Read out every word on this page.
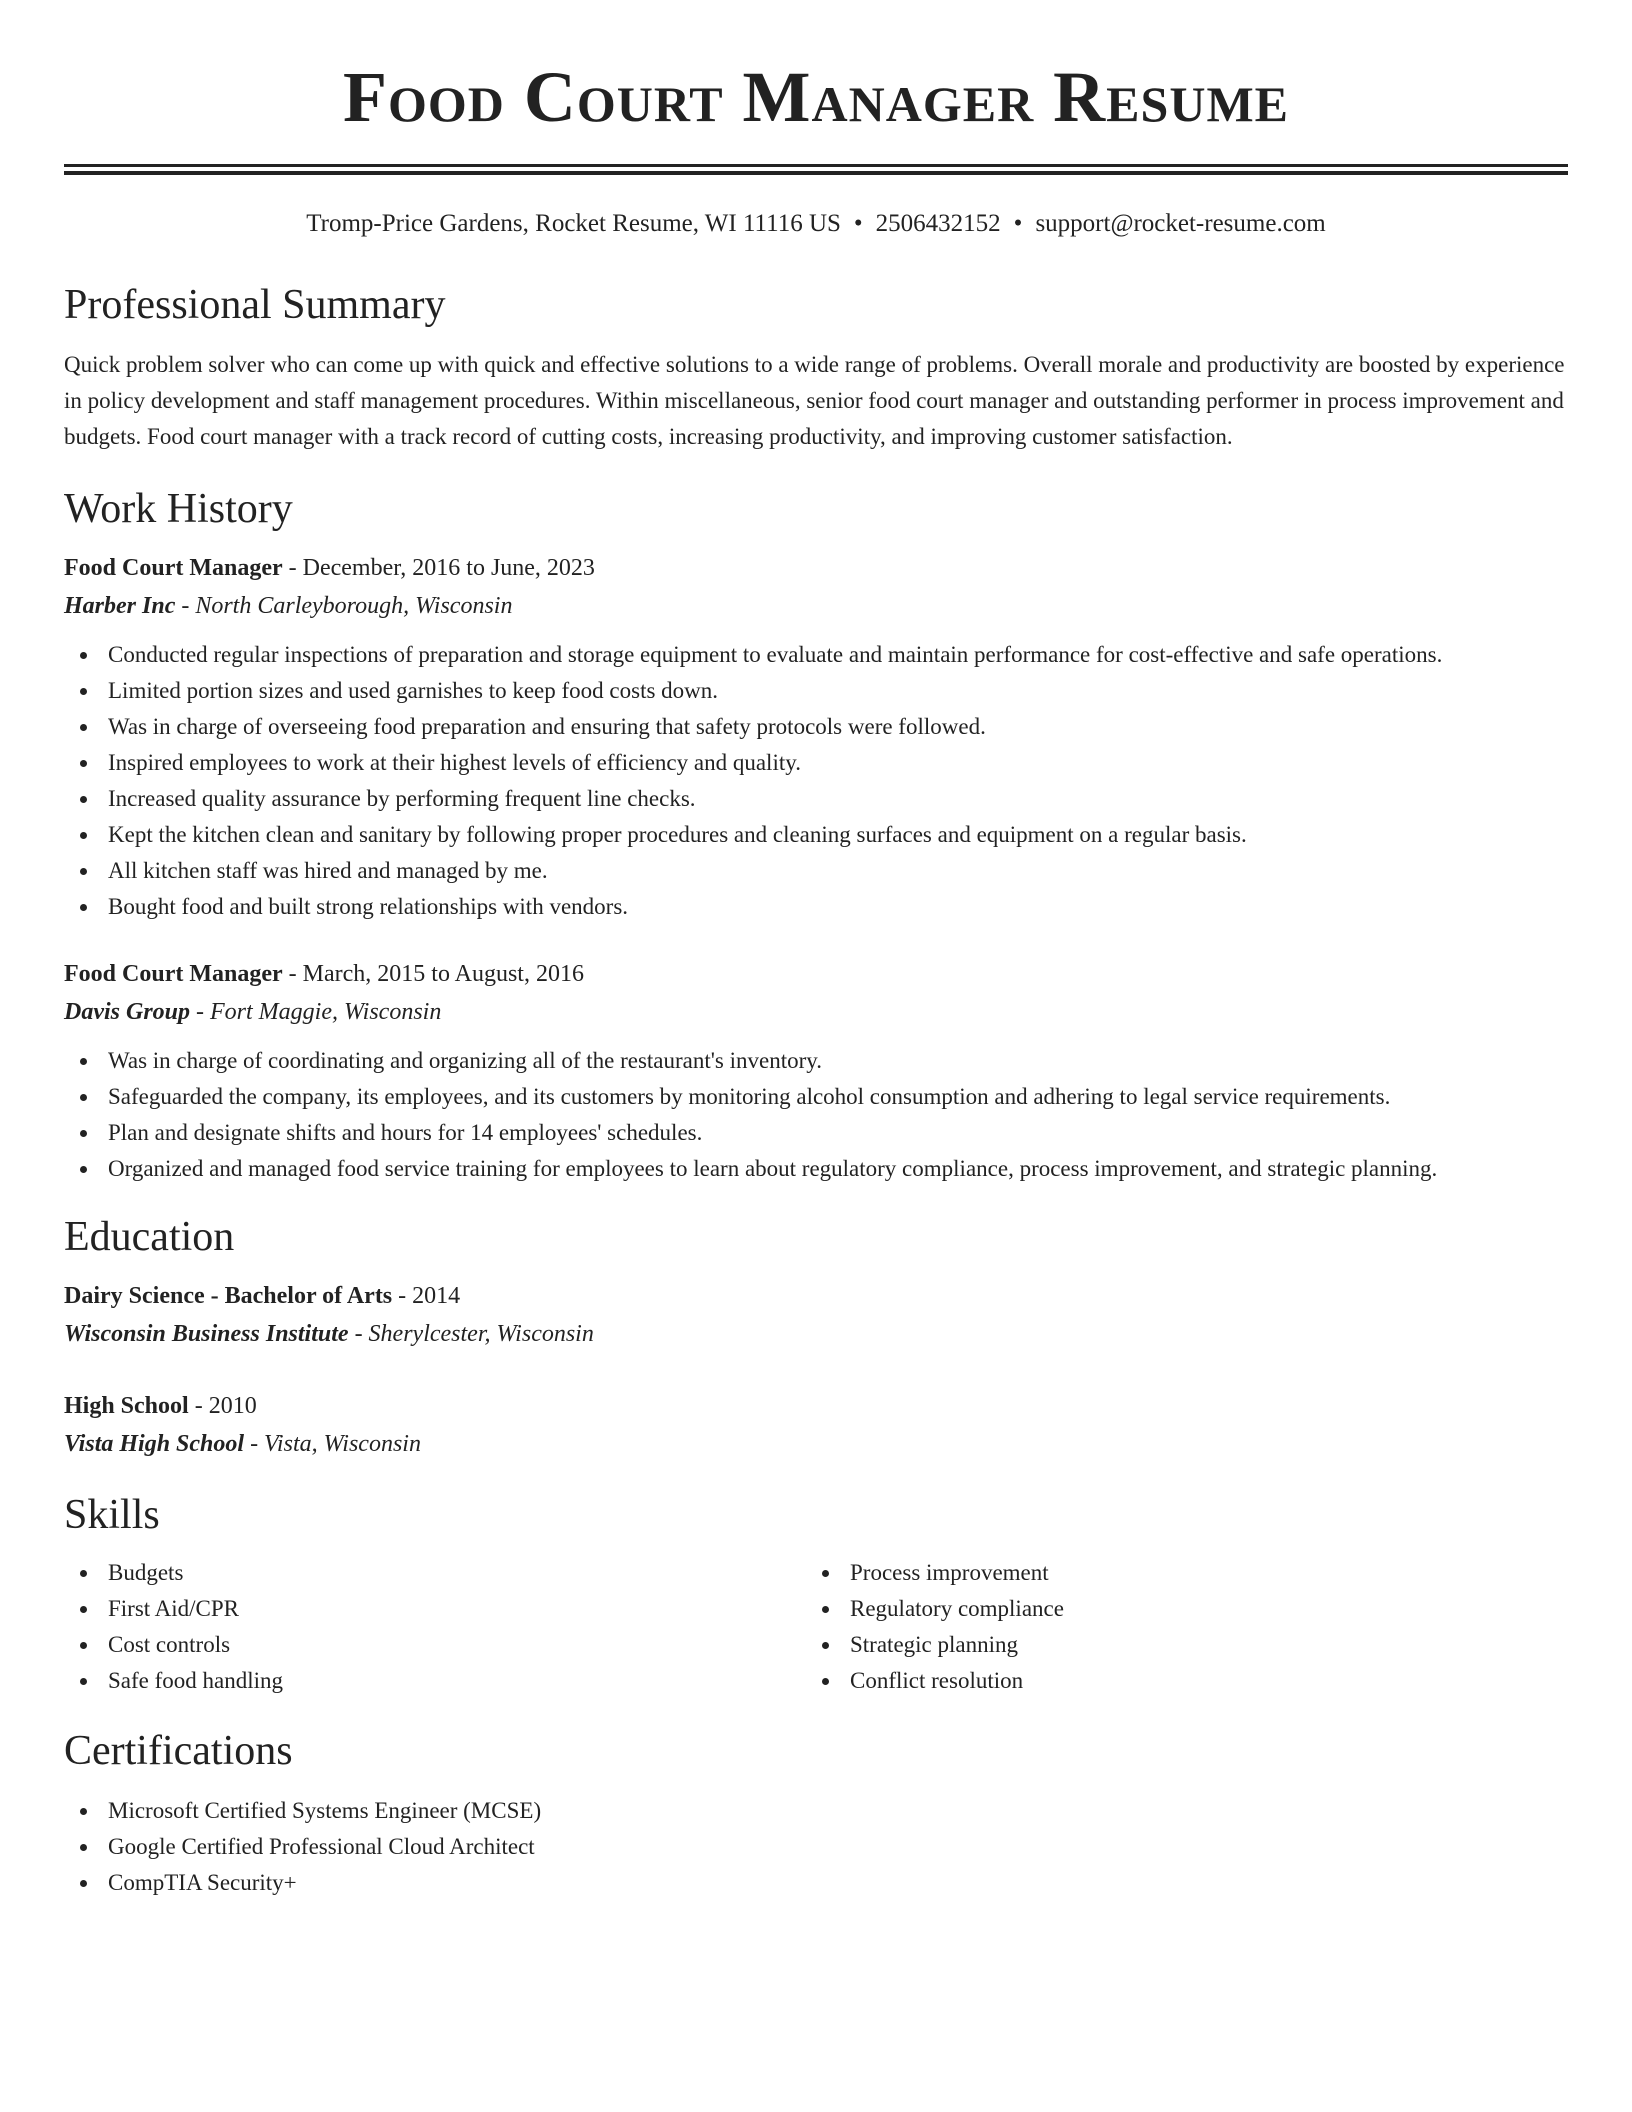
Food Court Manager Resume
Tromp-Price Gardens, Rocket Resume, WI 11116 US • 2506432152 • support@rocket-resume.com
Professional Summary

Quick problem solver who can come up with quick and effective solutions to a wide range of problems. Overall morale and productivity are boosted by experience in policy development and staff management procedures. Within miscellaneous, senior food court manager and outstanding performer in process improvement and budgets. Food court manager with a track record of cutting costs, increasing productivity, and improving customer satisfaction.

Work History
Food Court Manager - December, 2016 to June, 2023
Harber Inc - North Carleyborough, Wisconsin
Conducted regular inspections of preparation and storage equipment to evaluate and maintain performance for cost-effective and safe operations.
Limited portion sizes and used garnishes to keep food costs down.
Was in charge of overseeing food preparation and ensuring that safety protocols were followed.
Inspired employees to work at their highest levels of efficiency and quality.
Increased quality assurance by performing frequent line checks.
Kept the kitchen clean and sanitary by following proper procedures and cleaning surfaces and equipment on a regular basis.
All kitchen staff was hired and managed by me.
Bought food and built strong relationships with vendors.
Food Court Manager - March, 2015 to August, 2016
Davis Group - Fort Maggie, Wisconsin
Was in charge of coordinating and organizing all of the restaurant's inventory.
Safeguarded the company, its employees, and its customers by monitoring alcohol consumption and adhering to legal service requirements.
Plan and designate shifts and hours for 14 employees' schedules.
Organized and managed food service training for employees to learn about regulatory compliance, process improvement, and strategic planning.
Education
Dairy Science - Bachelor of Arts - 2014
Wisconsin Business Institute - Sherylcester, Wisconsin
High School - 2010
Vista High School - Vista, Wisconsin
Skills
Budgets
First Aid/CPR
Cost controls
Safe food handling
Process improvement
Regulatory compliance
Strategic planning
Conflict resolution
Certifications
Microsoft Certified Systems Engineer (MCSE)
Google Certified Professional Cloud Architect
CompTIA Security+
